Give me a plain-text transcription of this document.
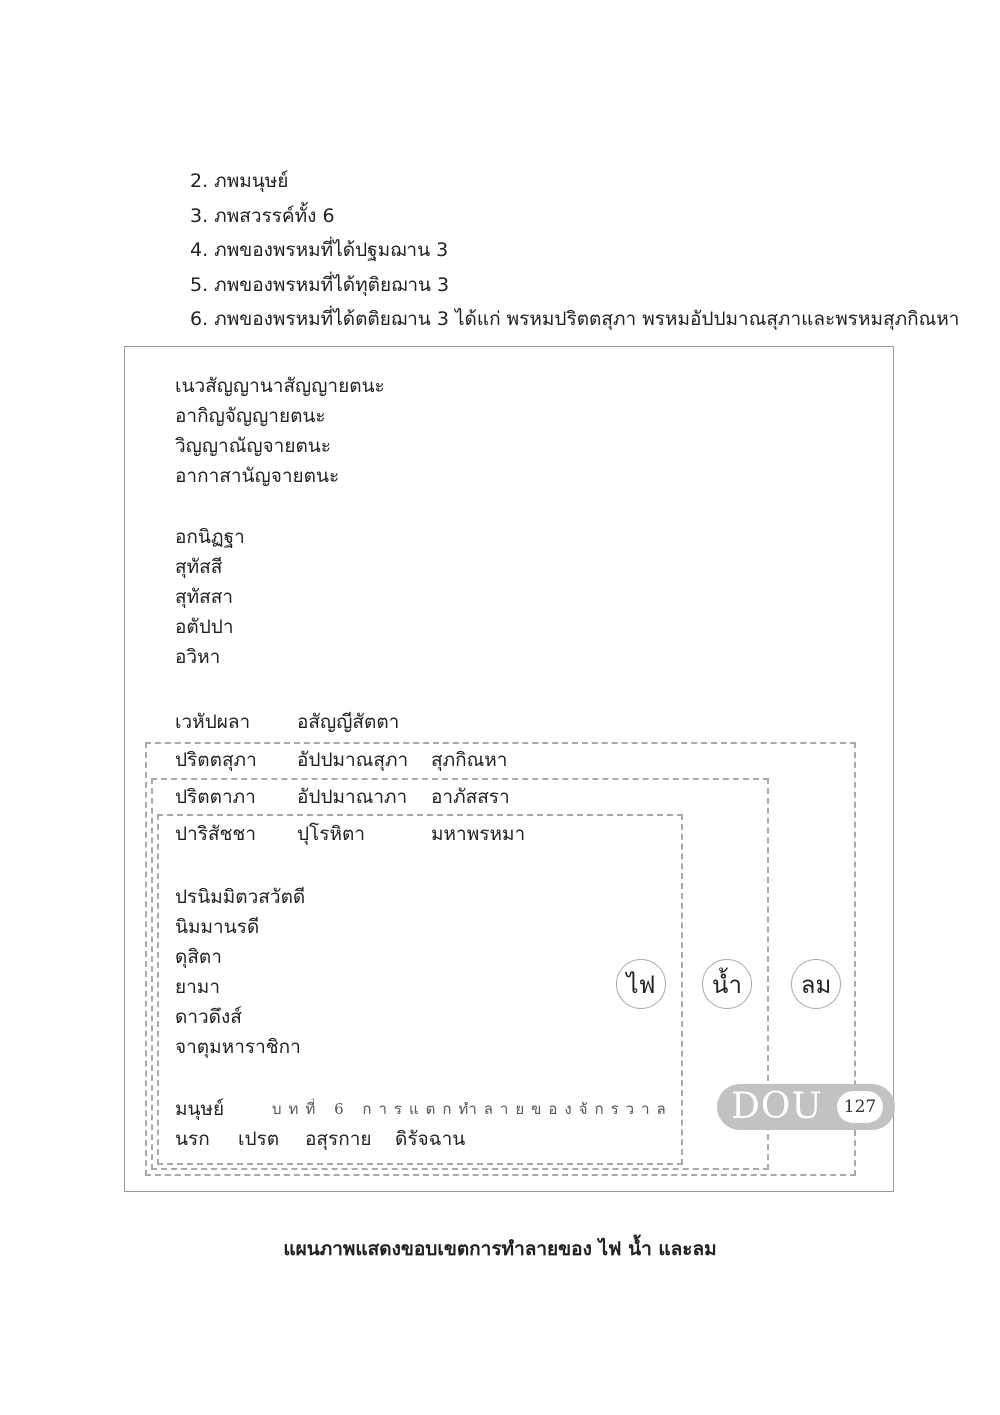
2. ภพมนุษย์
3. ภพสวรรค์ทั้ง 6
4. ภพของพรหมที่ได้ปฐมฌาน 3
5. ภพของพรหมที่ได้ทุติยฌาน 3
6. ภพของพรหมที่ได้ตติยฌาน 3 ได้แก่ พรหมปริตตสุภา พรหมอัปปมาณสุภาและพรหมสุภกิณหา
เนวสัญญานาสัญญายตนะ
อากิญจัญญายตนะ
วิญญาณัญจายตนะ
อากาสานัญจายตนะ
อกนิฏฐา
สุทัสสี
สุทัสสา
อตัปปา
อวิหา
เวหัปผลา อสัญญีสัตตา
ปริตตสุภา อัปปมาณสุภา สุภกิณหา
ปริตตาภา อัปปมาณาภา อาภัสสรา
ปาริสัชชา ปุโรหิตา	มหาพรหมา
ปรนิมมิตวสวัตดี
นิมมานรดี
ดุสิตา
ยามา
ดาวดึงส์
จาตุมหาราชิกา
มนุษย์
นรก เปรต อสุรกาย ดิรัจฉาน
ไฟ	น้ำ	ลม
แผนภาพแสดงขอบเขตการทำลายของ ไฟ น้ำ และลม
บทที่ 6 การแตกทำลายของจักรวาล DOU	127
